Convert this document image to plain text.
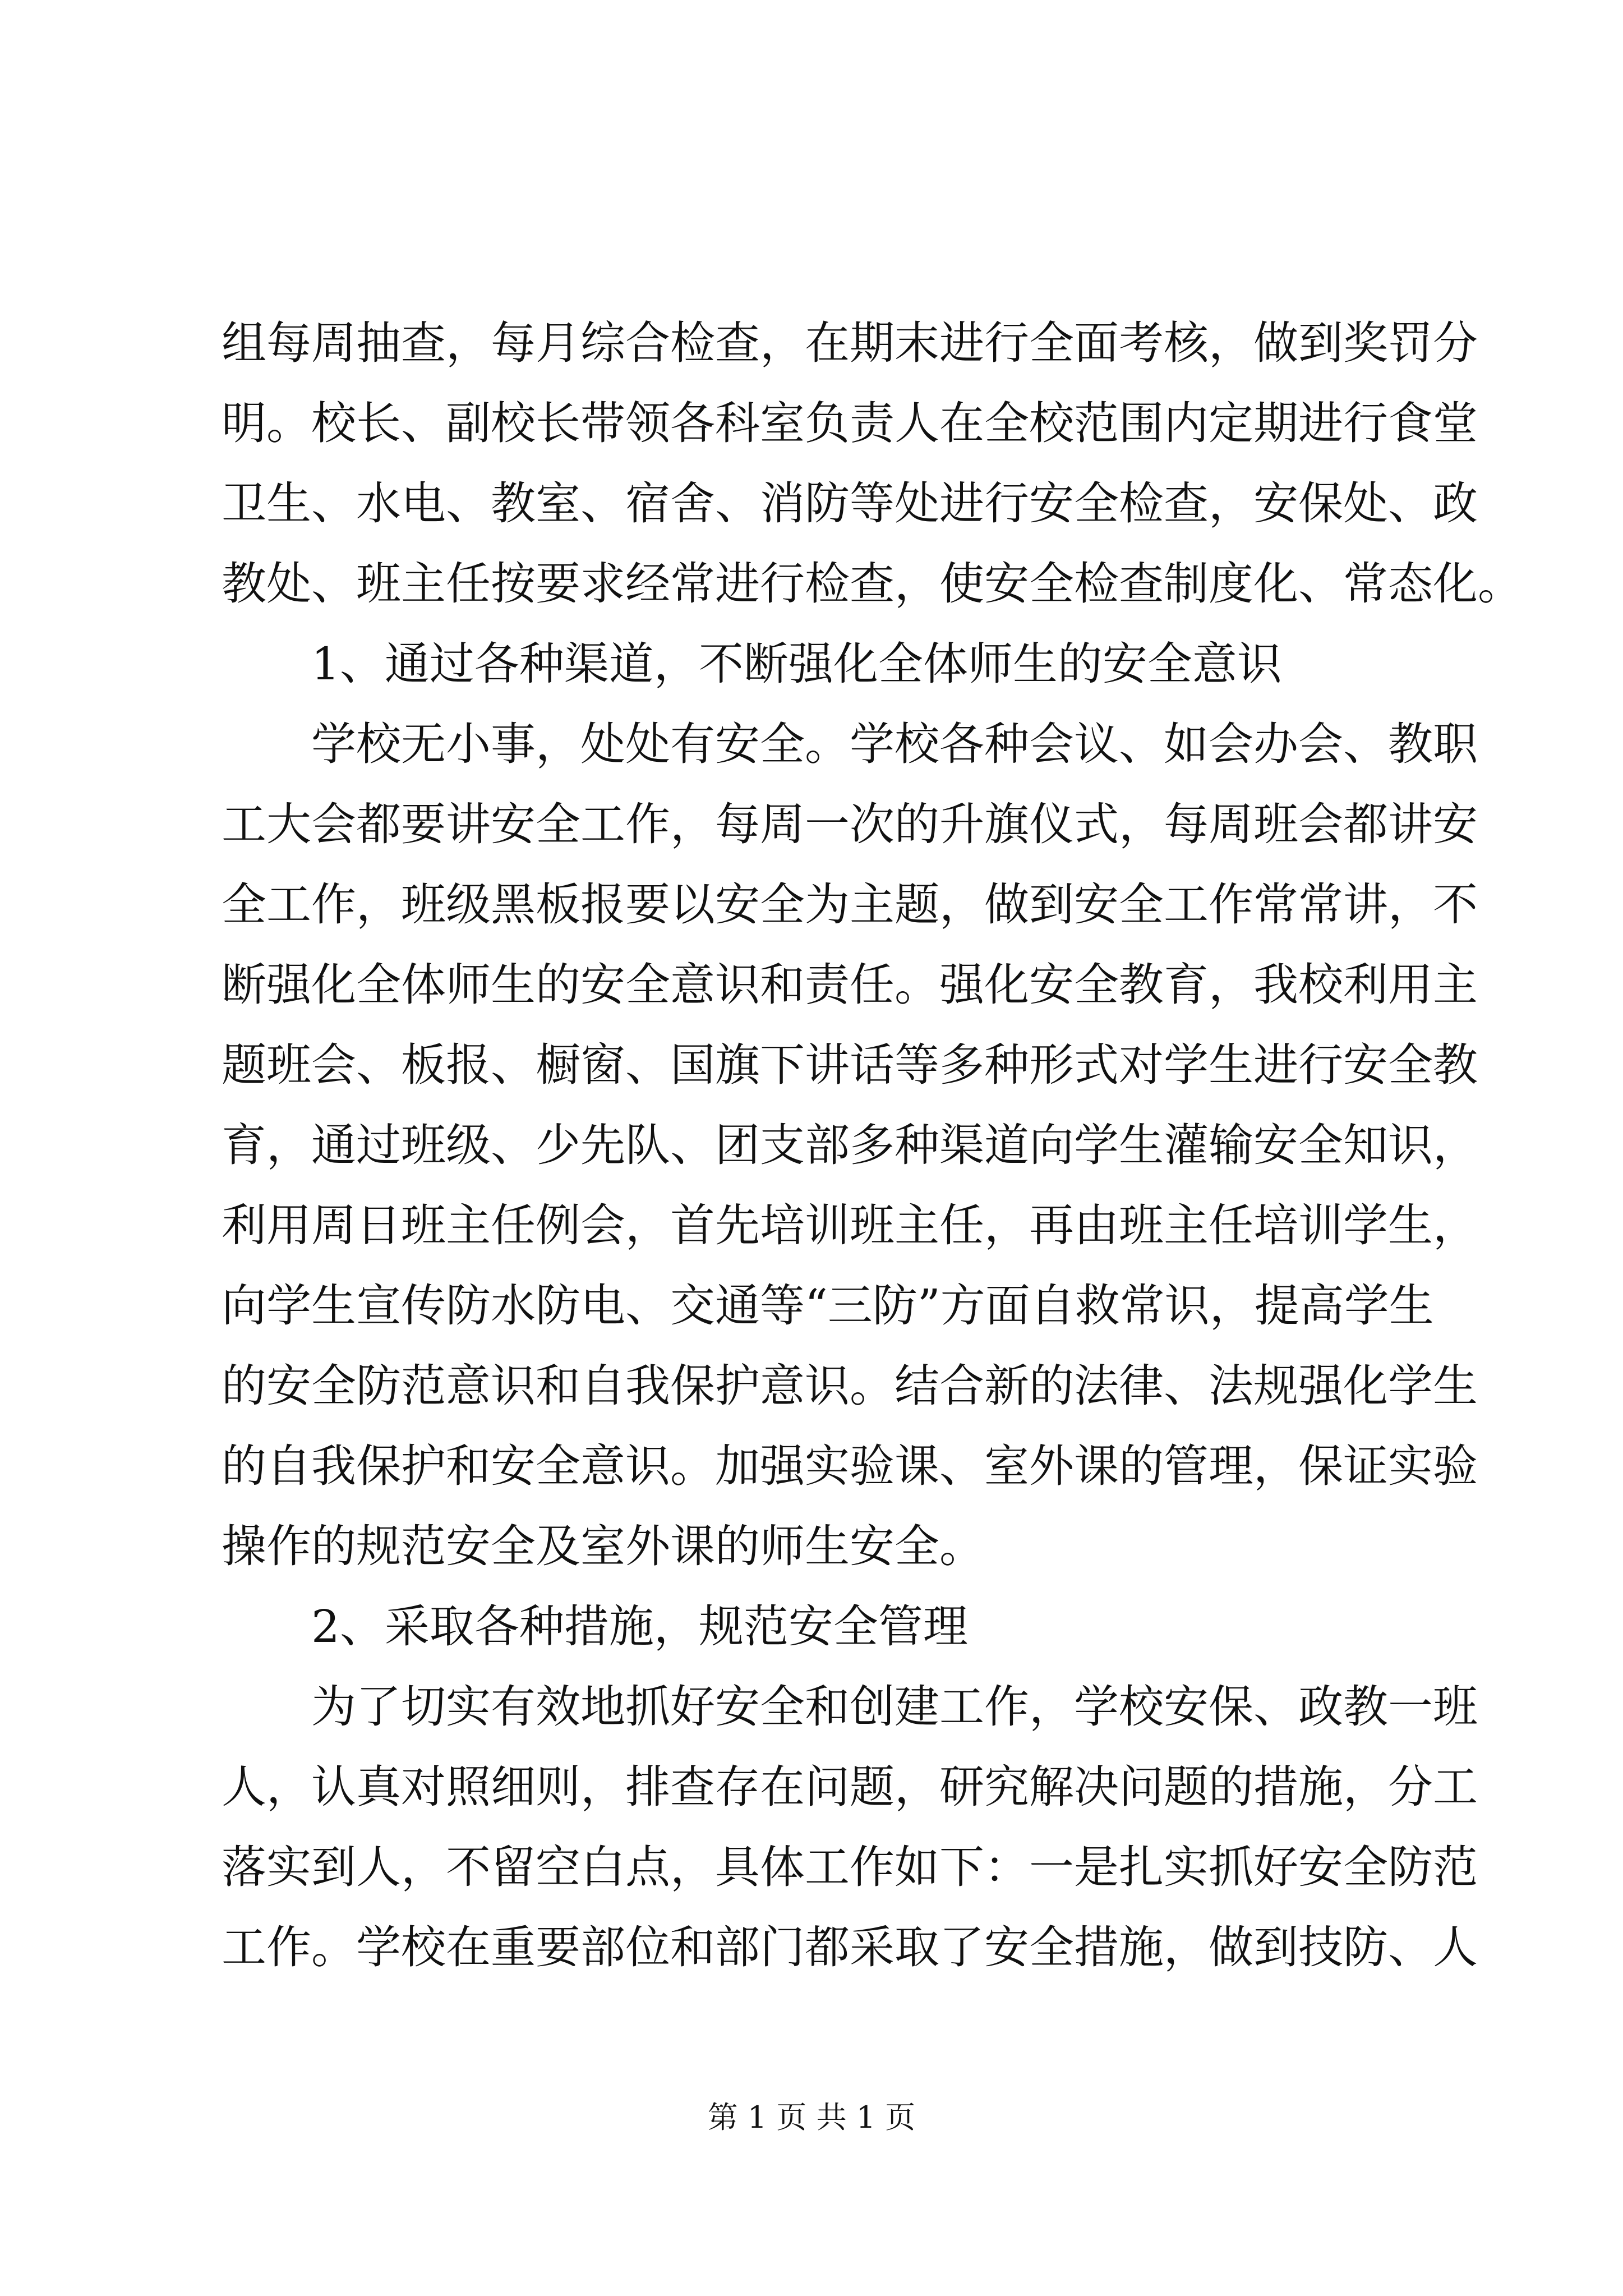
组每周抽查，每月综合检查，在期末进行全面考核，做到奖罚分
明。校长、副校长带领各科室负责人在全校范围内定期进行食堂
卫生、水电、教室、宿舍、消防等处进行安全检查，安保处、政
教处、班主任按要求经常进行检查，使安全检查制度化、常态化。
1、通过各种渠道，不断强化全体师生的安全意识
学校无小事，处处有安全。学校各种会议、如会办会、教职
工大会都要讲安全工作，每周一次的升旗仪式，每周班会都讲安
全工作，班级黑板报要以安全为主题，做到安全工作常常讲，不
断强化全体师生的安全意识和责任。强化安全教育，我校利用主
题班会、板报、橱窗、国旗下讲话等多种形式对学生进行安全教
育，通过班级、少先队、团支部多种渠道向学生灌输安全知识，
利用周日班主任例会，首先培训班主任，再由班主任培训学生，
向学生宣传防水防电、交通等“三防”方面自救常识，提高学生
的安全防范意识和自我保护意识。结合新的法律、法规强化学生
的自我保护和安全意识。加强实验课、室外课的管理，保证实验
操作的规范安全及室外课的师生安全。
2、采取各种措施，规范安全管理
为了切实有效地抓好安全和创建工作，学校安保、政教一班
人，认真对照细则，排查存在问题，研究解决问题的措施，分工
落实到人，不留空白点，具体工作如下：一是扎实抓好安全防范
工作。学校在重要部位和部门都采取了安全措施，做到技防、人
第 1 页 共 1 页
